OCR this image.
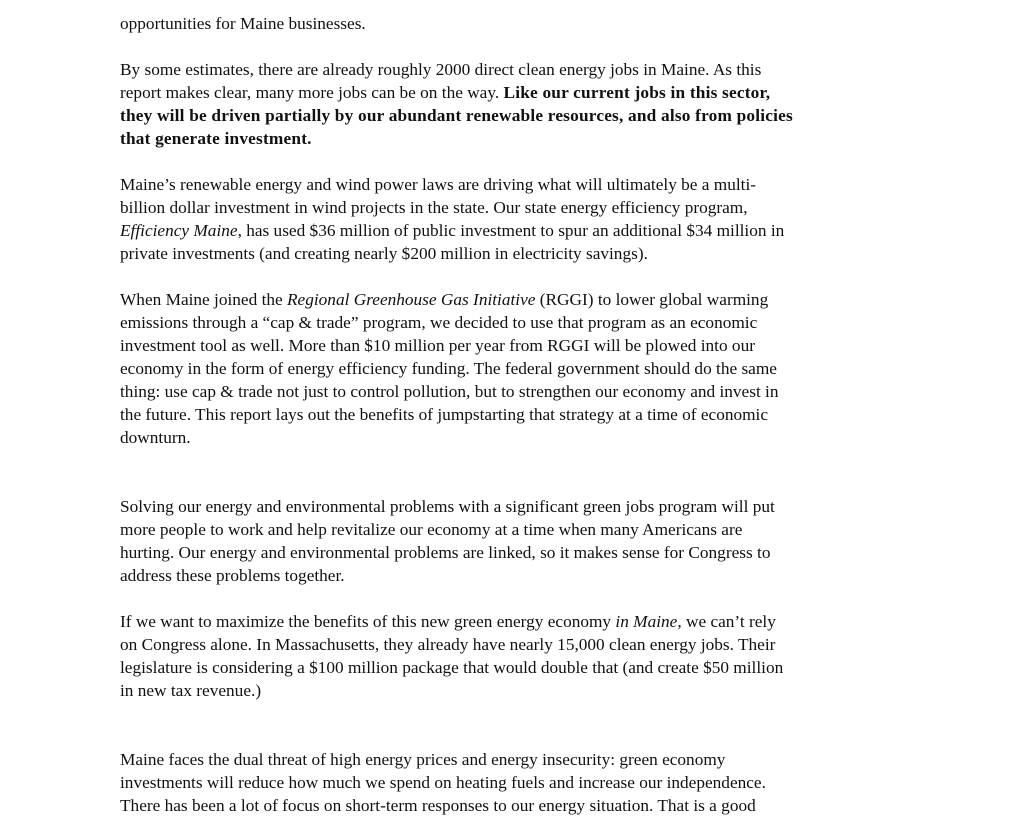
opportunities for Maine businesses.

By some estimates, there are already roughly 2000 direct clean energy jobs in Maine. As this
report makes clear, many more jobs can be on the way. Like our current jobs in this sector,
they will be driven partially by our abundant renewable resources, and also from policies
that generate investment.

Maine’s renewable energy and wind power laws are driving what will ultimately be a multi-
billion dollar investment in wind projects in the state. Our state energy efficiency program,
Efficiency Maine, has used $36 million of public investment to spur an additional $34 million in
private investments (and creating nearly $200 million in electricity savings).

When Maine joined the Regional Greenhouse Gas Initiative (RGGI) to lower global warming
emissions through a “cap & trade” program, we decided to use that program as an economic
investment tool as well. More than $10 million per year from RGGI will be plowed into our
economy in the form of energy efficiency funding. The federal government should do the same
thing: use cap & trade not just to control pollution, but to strengthen our economy and invest in
the future. This report lays out the benefits of jumpstarting that strategy at a time of economic
downturn.

Solving our energy and environmental problems with a significant green jobs program will put
more people to work and help revitalize our economy at a time when many Americans are
hurting. Our energy and environmental problems are linked, so it makes sense for Congress to
address these problems together.

If we want to maximize the benefits of this new green energy economy in Maine, we can’t rely
on Congress alone. In Massachusetts, they already have nearly 15,000 clean energy jobs. Their
legislature is considering a $100 million package that would double that (and create $50 million
in new tax revenue.)

Maine faces the dual threat of high energy prices and energy insecurity: green economy
investments will reduce how much we spend on heating fuels and increase our independence.
There has been a lot of focus on short-term responses to our energy situation. That is a good
